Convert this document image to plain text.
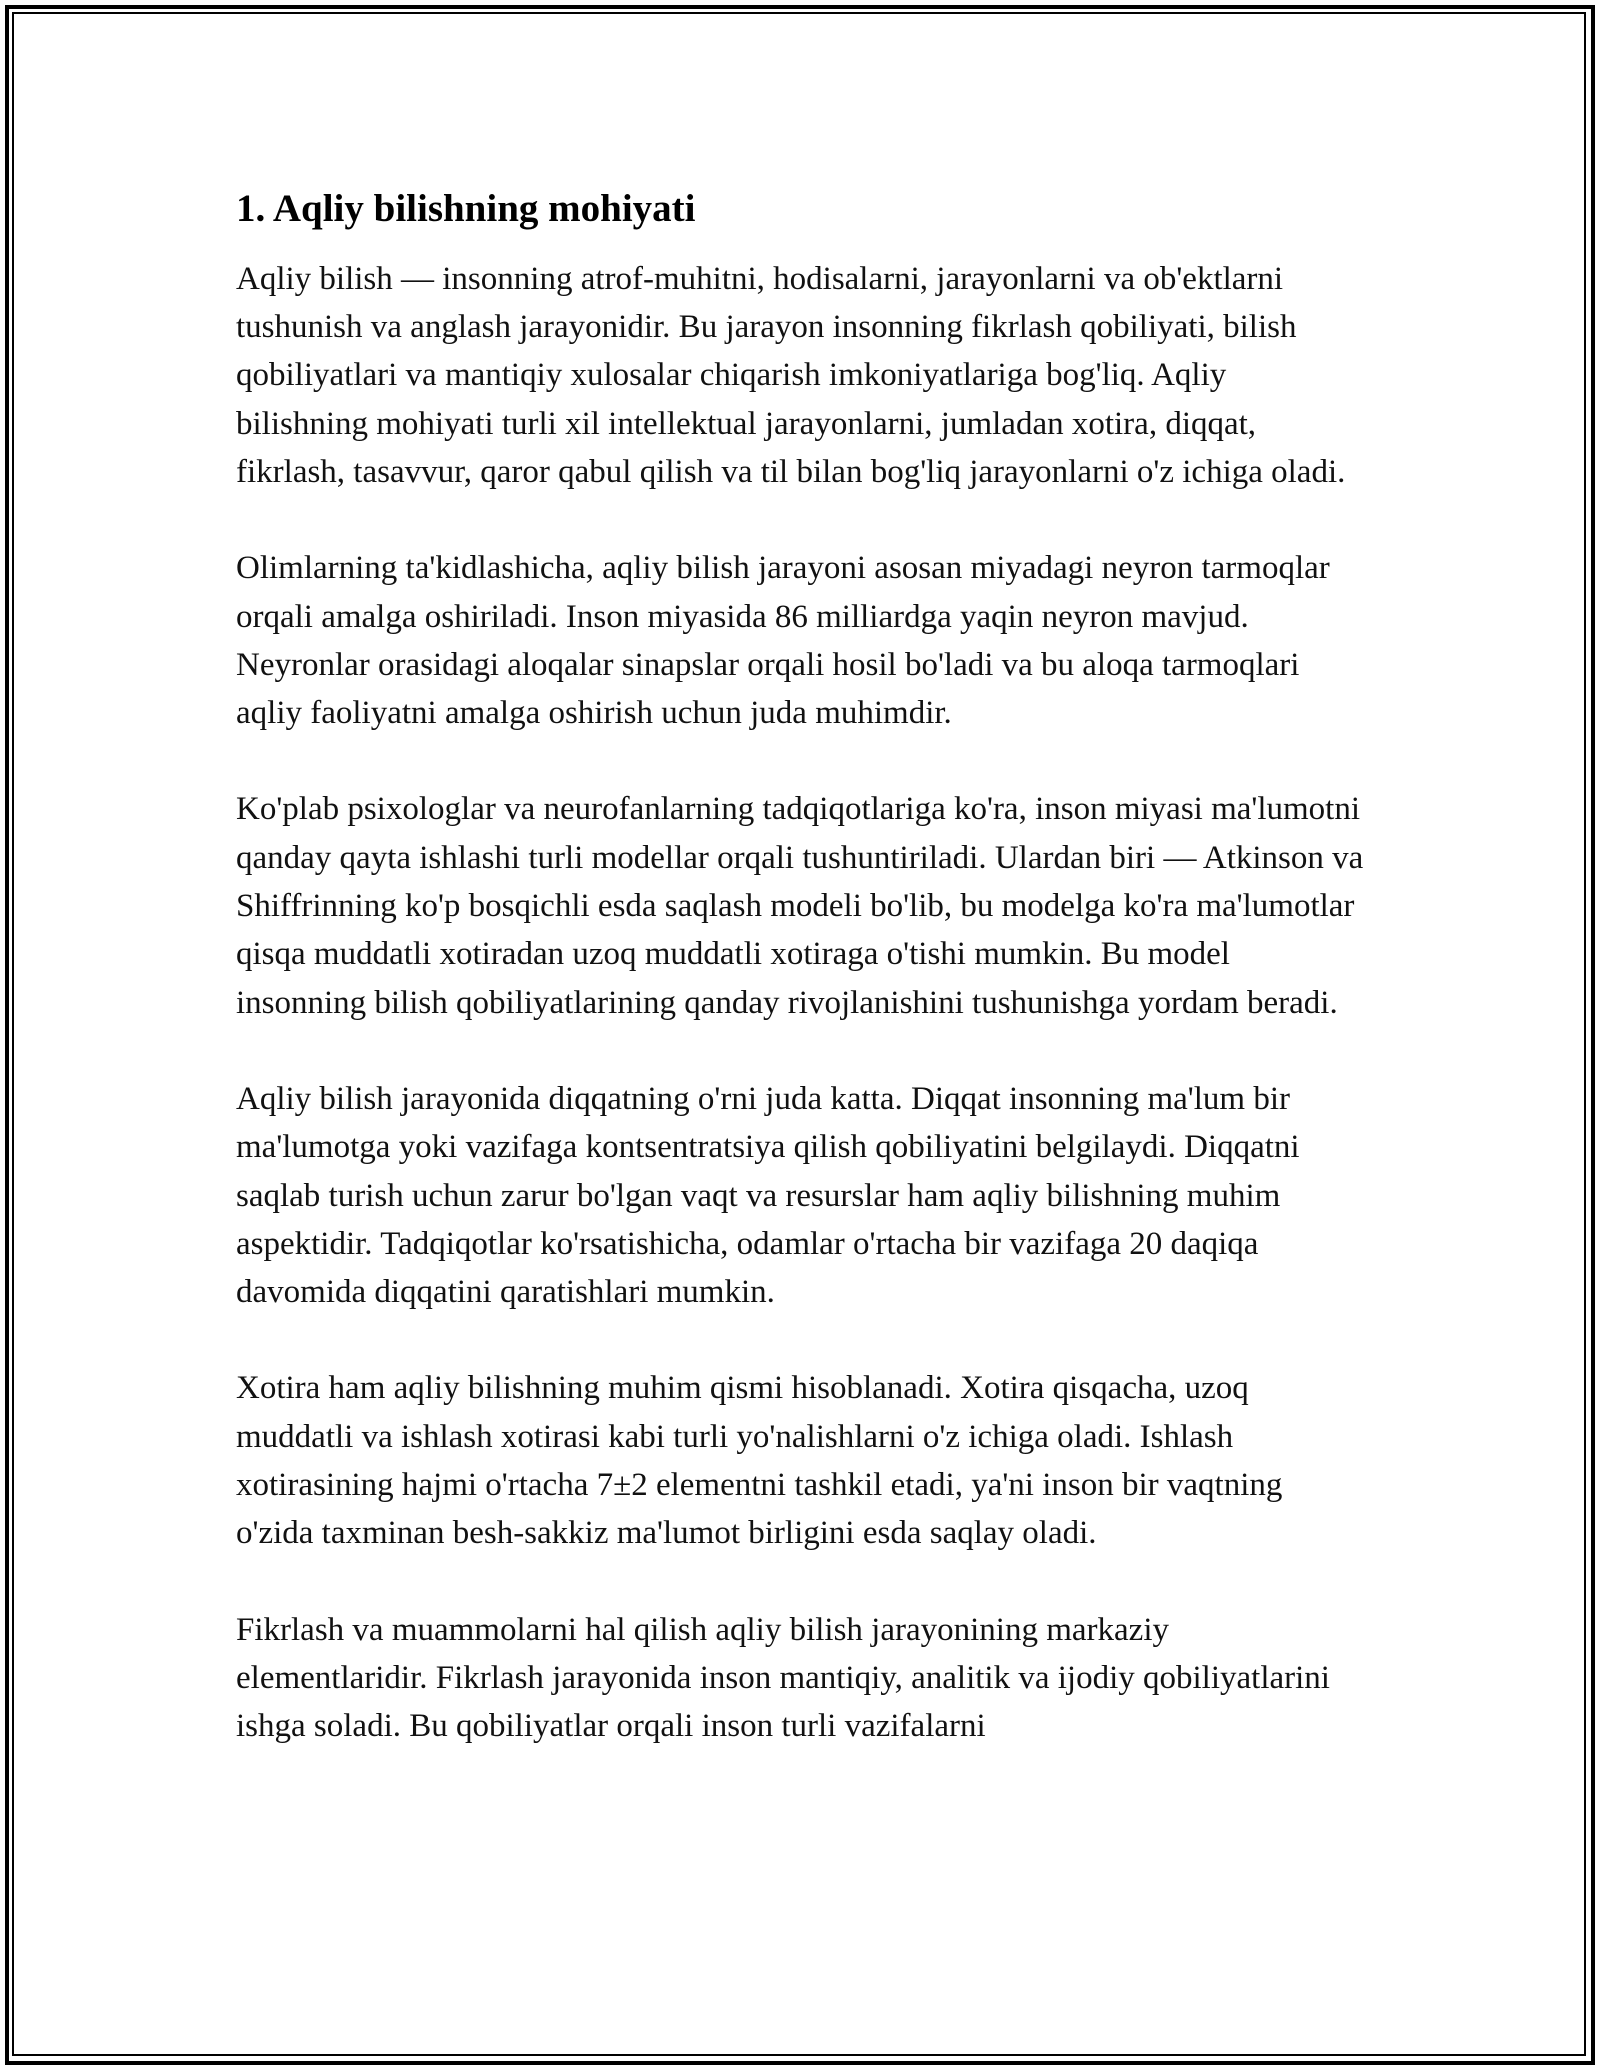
1. Aqliy bilishning mohiyati

Aqliy bilish — insonning atrof-muhitni, hodisalarni, jarayonlarni va ob'ektlarni tushunish va anglash jarayonidir. Bu jarayon insonning fikrlash qobiliyati, bilish qobiliyatlari va mantiqiy xulosalar chiqarish imkoniyatlariga bog'liq. Aqliy bilishning mohiyati turli xil intellektual jarayonlarni, jumladan xotira, diqqat, fikrlash, tasavvur, qaror qabul qilish va til bilan bog'liq jarayonlarni o'z ichiga oladi.

Olimlarning ta'kidlashicha, aqliy bilish jarayoni asosan miyadagi neyron tarmoqlar orqali amalga oshiriladi. Inson miyasida 86 milliardga yaqin neyron mavjud. Neyronlar orasidagi aloqalar sinapslar orqali hosil bo'ladi va bu aloqa tarmoqlari aqliy faoliyatni amalga oshirish uchun juda muhimdir.

Ko'plab psixologlar va neurofanlarning tadqiqotlariga ko'ra, inson miyasi ma'lumotni qanday qayta ishlashi turli modellar orqali tushuntiriladi. Ulardan biri — Atkinson va Shiffrinning ko'p bosqichli esda saqlash modeli bo'lib, bu modelga ko'ra ma'lumotlar qisqa muddatli xotiradan uzoq muddatli xotiraga o'tishi mumkin. Bu model insonning bilish qobiliyatlarining qanday rivojlanishini tushunishga yordam beradi.

Aqliy bilish jarayonida diqqatning o'rni juda katta. Diqqat insonning ma'lum bir ma'lumotga yoki vazifaga kontsentratsiya qilish qobiliyatini belgilaydi. Diqqatni saqlab turish uchun zarur bo'lgan vaqt va resurslar ham aqliy bilishning muhim aspektidir. Tadqiqotlar ko'rsatishicha, odamlar o'rtacha bir vazifaga 20 daqiqa davomida diqqatini qaratishlari mumkin.

Xotira ham aqliy bilishning muhim qismi hisoblanadi. Xotira qisqacha, uzoq muddatli va ishlash xotirasi kabi turli yo'nalishlarni o'z ichiga oladi. Ishlash xotirasining hajmi o'rtacha 7±2 elementni tashkil etadi, ya'ni inson bir vaqtning o'zida taxminan besh-sakkiz ma'lumot birligini esda saqlay oladi.

Fikrlash va muammolarni hal qilish aqliy bilish jarayonining markaziy elementlaridir. Fikrlash jarayonida inson mantiqiy, analitik va ijodiy qobiliyatlarini ishga soladi. Bu qobiliyatlar orqali inson turli vazifalarni
